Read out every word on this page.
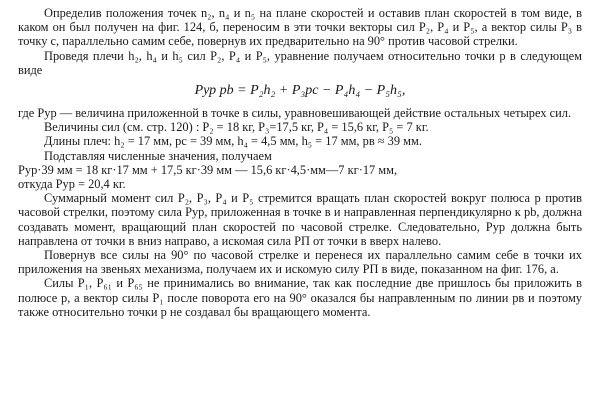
Определив положения точек n₂, n₄ и n₅ на плане скоростей и оставив план скоростей в том виде, в каком он был получен на фиг. 124, б, переносим в эти точки векторы сил P₂, P₄ и P₅, а вектор силы P₃ в точку c, параллельно самим себе, повернув их предварительно на 90° против часовой стрелки.

Проведя плечи h₂, h₄ и h₅ сил P₂, P₄ и P₅, уравнение получаем относительно точки p в следующем виде

Pур pb = P₂h₂ + P₃pc − P₄h₄ − P₅h₅,

где Pур — величина приложенной в точке в силы, уравновешивающей действие остальных четырех сил.

Величины сил (см. стр. 120) : P₂ = 18 кг, P₃=17,5 кг, P₄ = 15,6 кг, P₅ = 7 кг.

Длины плеч: h₂ = 17 мм, pc = 39 мм, h₄ = 4,5 мм, h₅ = 17 мм, pв ≈ 39 мм.

Подставляя численные значения, получаем

Pур·39 мм = 18 кг·17 мм + 17,5 кг·39 мм — 15,6 кг·4,5·мм—7 кг·17 мм,

откуда Pур = 20,4 кг.

Суммарный момент сил P₂, P₃, P₄ и P₅ стремится вращать план скоростей вокруг полюса p против часовой стрелки, поэтому сила Pур, приложенная в точке в и направленная перпендикулярно к pb, должна создавать момент, вращающий план скоростей по часовой стрелке. Следовательно, Pур должна быть направлена от точки в вниз направо, а искомая сила PП от точки в вверх налево.

Повернув все силы на 90° по часовой стрелке и перенеся их параллельно самим себе в точки их приложения на звеньях механизма, получаем их и искомую силу PП в виде, показанном на фиг. 176, а.

Силы P₁, P₆₁ и P₆₅ не принимались во внимание, так как последние две пришлось бы приложить в полюсе p, а вектор силы P₁ после поворота его на 90° оказался бы направленным по линии pв и поэтому также относительно точки p не создавал бы вращающего момента.
